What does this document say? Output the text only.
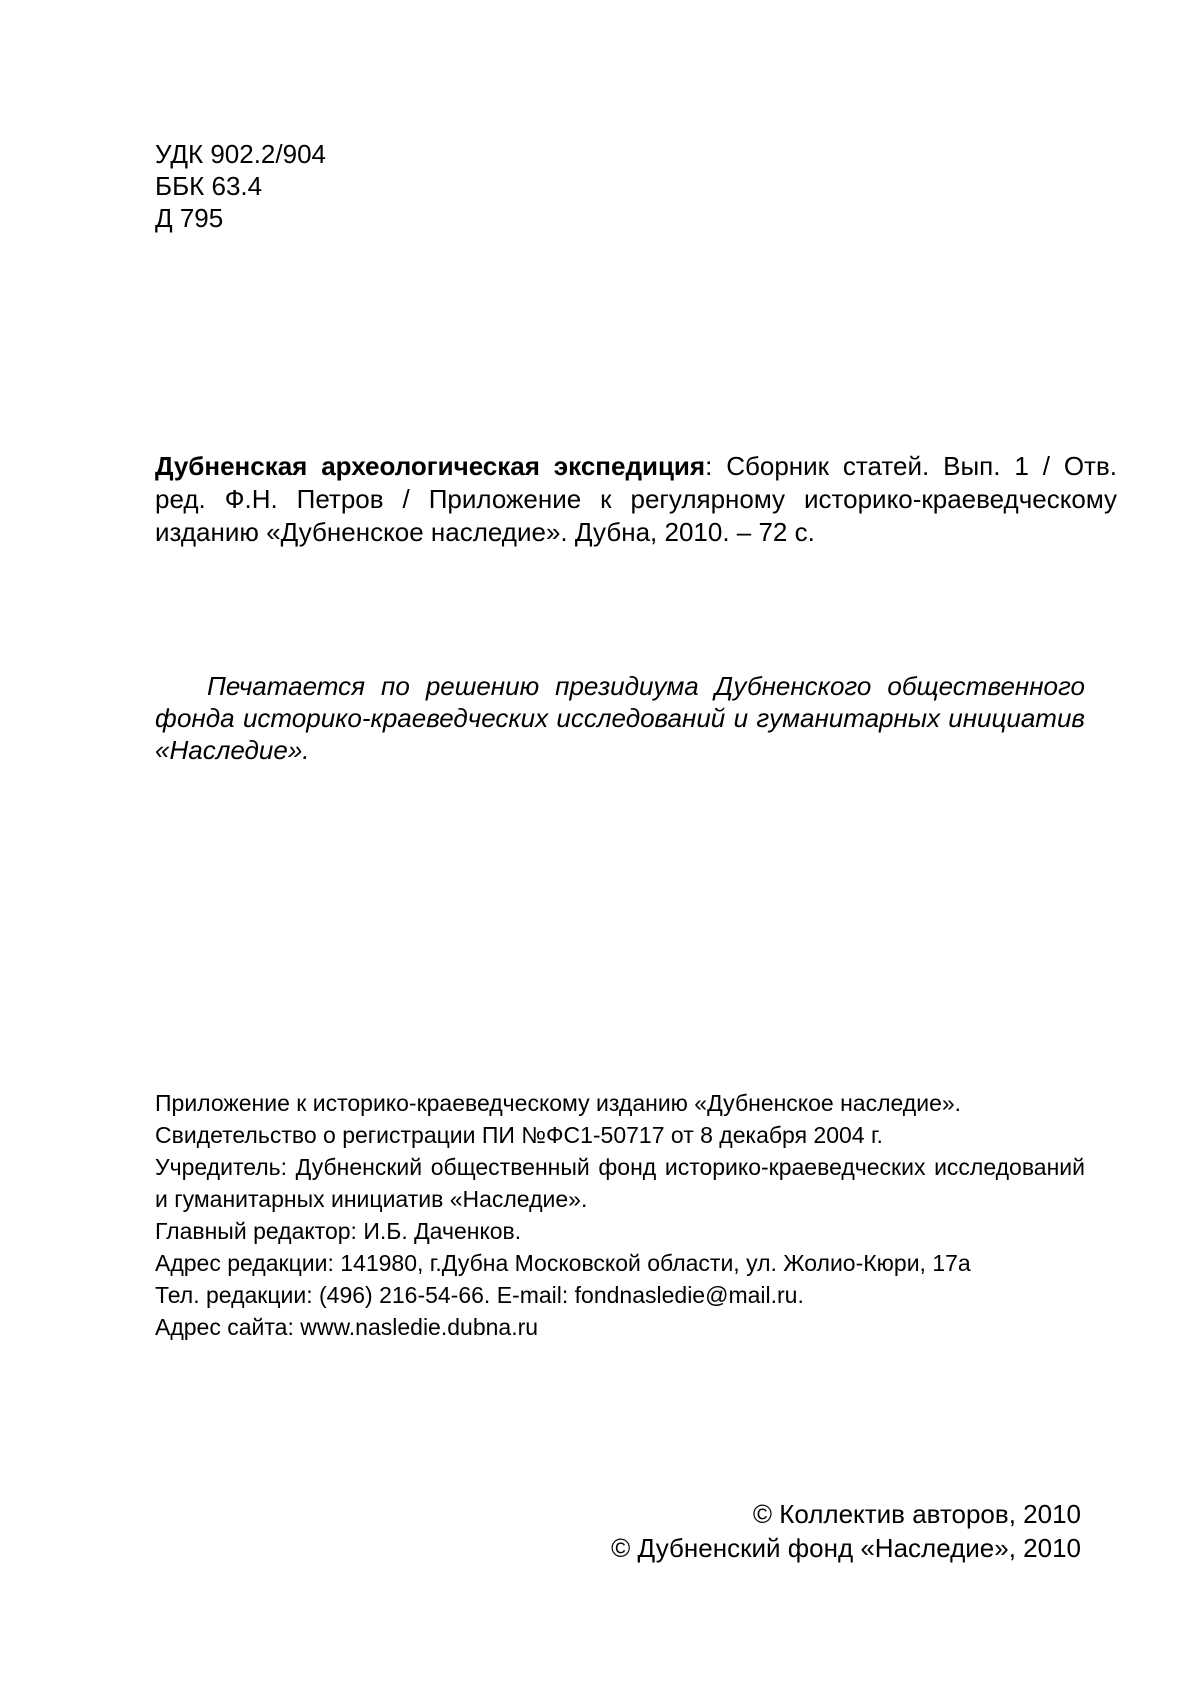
УДК 902.2/904
ББК 63.4
Д 795
Дубненская археологическая экспедиция: Сборник статей. Вып. 1 / Отв. ред. Ф.Н. Петров / Приложение к регулярному историко-краеведческому изданию «Дубненское наследие». Дубна, 2010. – 72 с.
Печатается по решению президиума Дубненского общественного фонда историко-краеведческих исследований и гуманитарных инициатив «Наследие».
Приложение к историко-краеведческому изданию «Дубненское наследие».
Свидетельство о регистрации ПИ №ФС1-50717 от 8 декабря 2004 г.
Учредитель: Дубненский общественный фонд историко-краеведческих исследований и гуманитарных инициатив «Наследие».
Главный редактор: И.Б. Даченков.
Адрес редакции: 141980, г.Дубна Московской области, ул. Жолио-Кюри, 17а
Тел. редакции: (496) 216-54-66. E-mail: fondnasledie@mail.ru.
Адрес сайта: www.nasledie.dubna.ru
© Коллектив авторов, 2010
© Дубненский фонд «Наследие», 2010
